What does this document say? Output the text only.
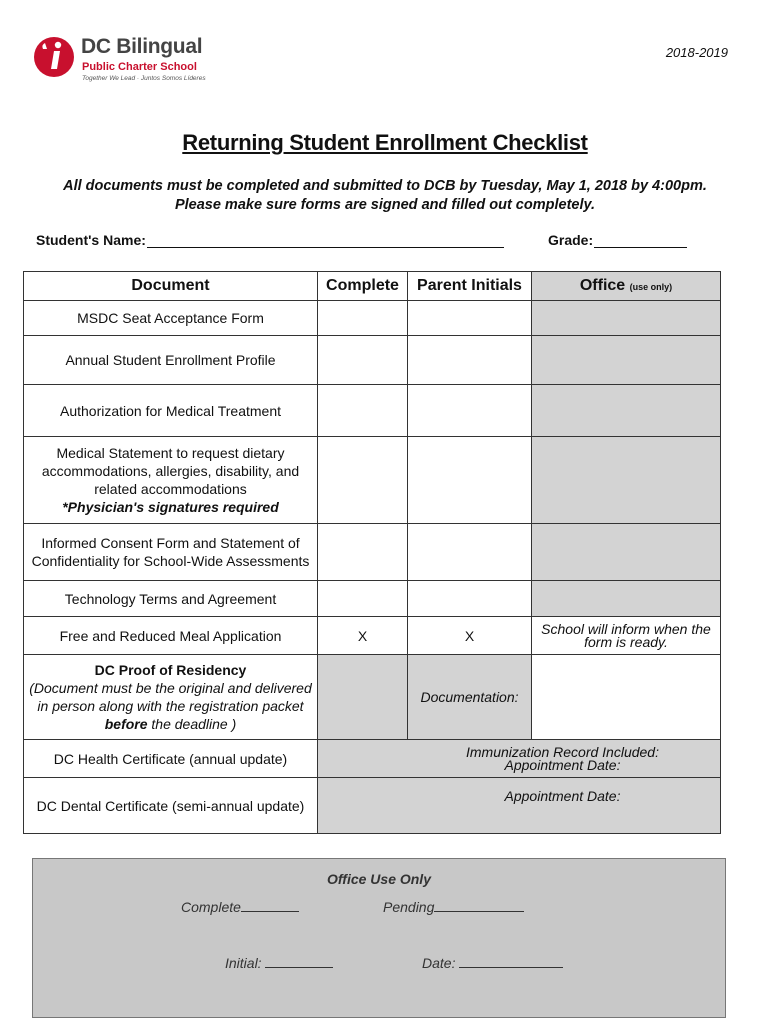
DC Bilingual
Public Charter School
Together We Lead · Juntos Somos Líderes
2018-2019
Returning Student Enrollment Checklist
All documents must be completed and submitted to DCB by Tuesday, May 1, 2018 by 4:00pm.
Please make sure forms are signed and filled out completely.
Student's Name:	Grade:
Document	Complete	Parent Initials	Office (use only)
MSDC Seat Acceptance Form			
Annual Student Enrollment Profile			
Authorization for Medical Treatment			
Medical Statement to request dietary accommodations, allergies, disability, and related accommodations
*Physician's signatures required			
Informed Consent Form and Statement of Confidentiality for School-Wide Assessments			
Technology Terms and Agreement			
Free and Reduced Meal Application	X	X	School will inform when the form is ready.
DC Proof of Residency
(Document must be the original and delivered
in person along with the registration packet
before the deadline )		Documentation:	
DC Health Certificate (annual update)	Immunization Record Included:
Appointment Date:		
DC Dental Certificate (semi-annual update)	Appointment Date:		
Office Use Only
Complete	Pending
Initial:	Date:
